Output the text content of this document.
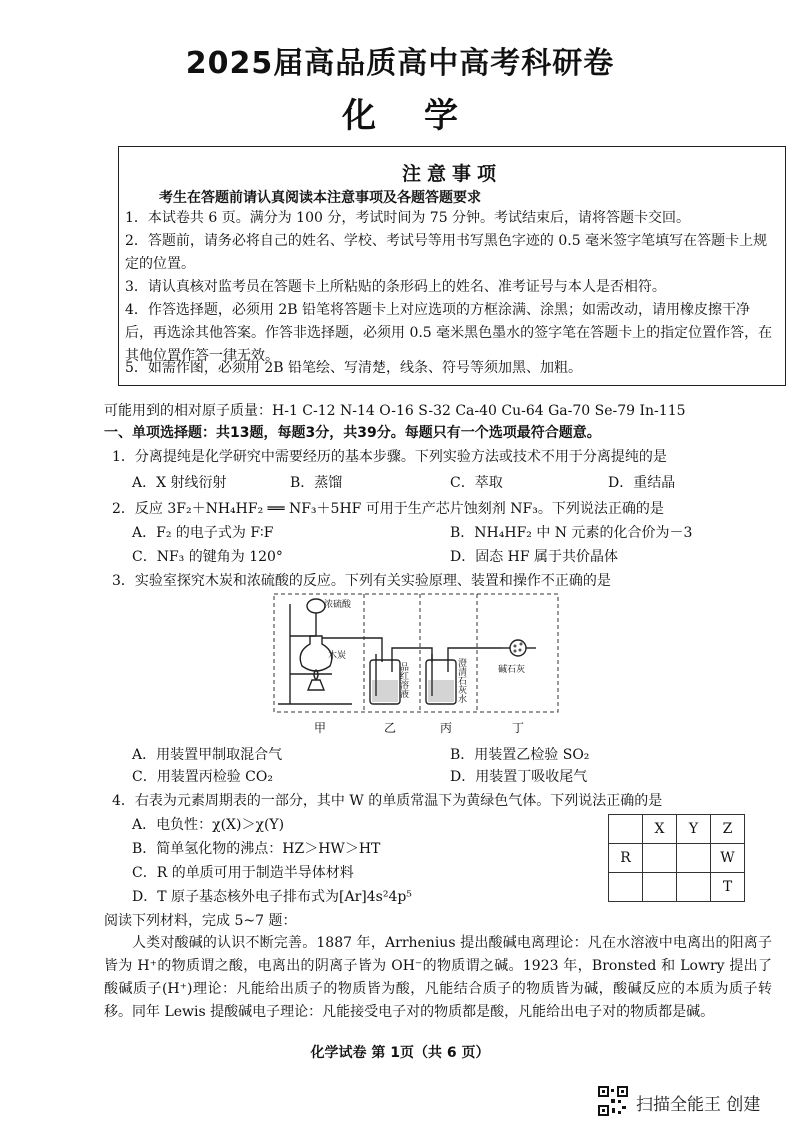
2025届高品质高中高考科研卷
化学
注意事项
考生在答题前请认真阅读本注意事项及各题答题要求
1．本试卷共 6 页。满分为 100 分，考试时间为 75 分钟。考试结束后，请将答题卡交回。
2．答题前，请务必将自己的姓名、学校、考试号等用书写黑色字迹的 0.5 毫米签字笔填写在答题卡上规定的位置。
3．请认真核对监考员在答题卡上所粘贴的条形码上的姓名、准考证号与本人是否相符。
4．作答选择题，必须用 2B 铅笔将答题卡上对应选项的方框涂满、涂黑；如需改动，请用橡皮擦干净后，再选涂其他答案。作答非选择题，必须用 0.5 毫米黑色墨水的签字笔在答题卡上的指定位置作答，在其他位置作答一律无效。
5．如需作图，必须用 2B 铅笔绘、写清楚，线条、符号等须加黑、加粗。
可能用到的相对原子质量：H-1 C-12 N-14 O-16 S-32 Ca-40 Cu-64 Ga-70 Se-79 In-115
一、单项选择题：共13题，每题3分，共39分。每题只有一个选项最符合题意。
1．分离提纯是化学研究中需要经历的基本步骤。下列实验方法或技术不用于分离提纯的是
A．X 射线衍射	B．蒸馏	C．萃取	D．重结晶
2．反应 3F₂＋NH₄HF₂ ══ NF₃＋5HF 可用于生产芯片蚀刻剂 NF₃。下列说法正确的是
A．F₂ 的电子式为 F∶F	B．NH₄HF₂ 中 N 元素的化合价为－3
C．NF₃ 的键角为 120°	D．固态 HF 属于共价晶体
3．实验室探究木炭和浓硫酸的反应。下列有关实验原理、装置和操作不正确的是
浓硫酸
木炭
碱石灰
品红溶液	澄清石灰水
甲	乙	丙	丁
A．用装置甲制取混合气	B．用装置乙检验 SO₂
C．用装置丙检验 CO₂	D．用装置丁吸收尾气
4．右表为元素周期表的一部分，其中 W 的单质常温下为黄绿色气体。下列说法正确的是
A．电负性：χ(X)＞χ(Y)
B．简单氢化物的沸点：HZ＞HW＞HT
C．R 的单质可用于制造半导体材料
D．T 原子基态核外电子排布式为[Ar]4s²4p⁵
	X	Y	Z
R			W
			T
阅读下列材料，完成 5~7 题：
人类对酸碱的认识不断完善。1887 年，Arrhenius 提出酸碱电离理论：凡在水溶液中电离出的阳离子皆为 H⁺的物质谓之酸，电离出的阴离子皆为 OH⁻的物质谓之碱。1923 年，Bronsted 和 Lowry 提出了酸碱质子(H⁺)理论：凡能给出质子的物质皆为酸，凡能结合质子的物质皆为碱，酸碱反应的本质为质子转移。同年 Lewis 提酸碱电子理论：凡能接受电子对的物质都是酸，凡能给出电子对的物质都是碱。
化学试卷 第 1页（共 6 页）
扫描全能王 创建
